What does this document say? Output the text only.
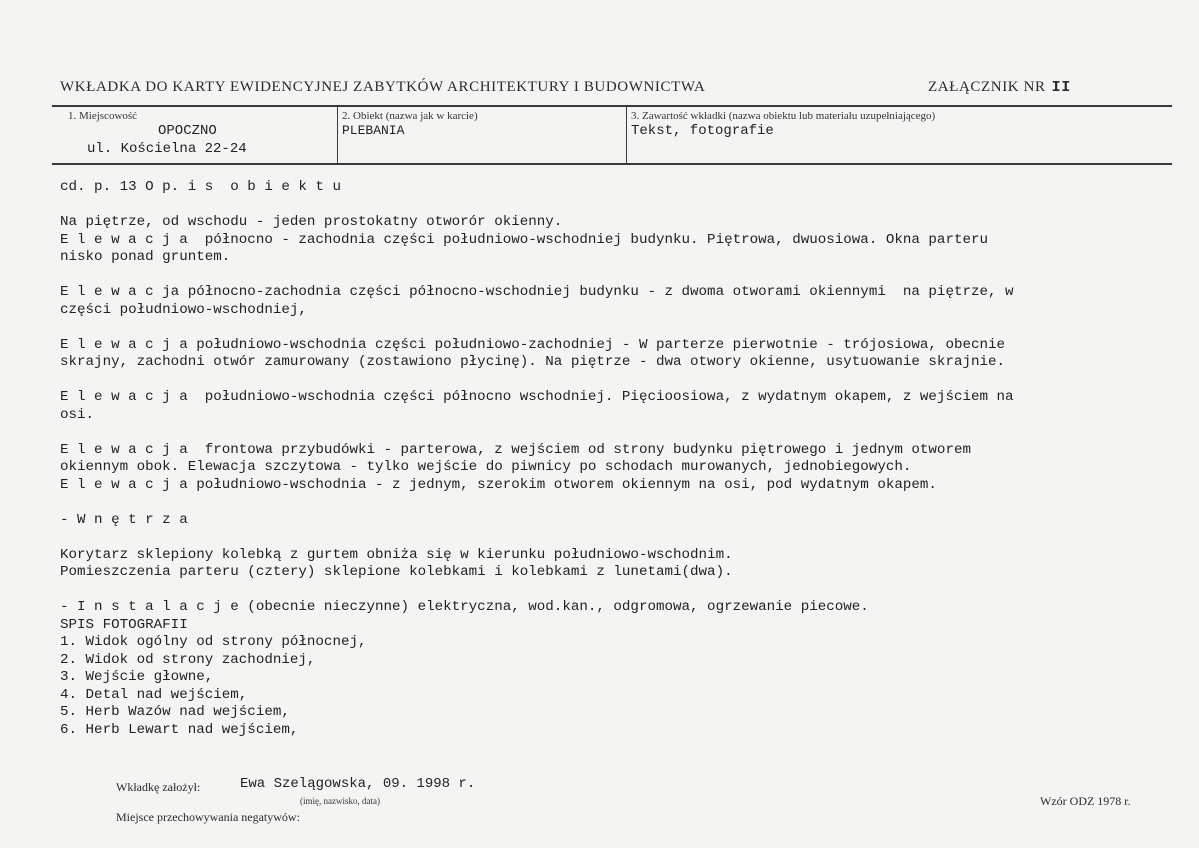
WKŁADKA DO KARTY EWIDENCYJNEJ ZABYTKÓW ARCHITEKTURY I BUDOWNICTWA	ZAŁĄCZNIK NR II
1. Miejscowość
OPOCZNO
ul. Kościelna 22-24
2. Obiekt (nazwa jak w karcie)
PLEBANIA
3. Zawartość wkładki (nazwa obiektu lub materiału uzupełniającego)
Tekst, fotografie
cd. p. 13 O p. i s  o b i e k t u
Na piętrze, od wschodu - jeden prostokatny otworór okienny.
E l e w a c j a  północno - zachodnia części południowo-wschodniej budynku. Piętrowa, dwuosiowa. Okna parteru
nisko ponad gruntem.
E l e w a c ja północno-zachodnia części północno-wschodniej budynku - z dwoma otworami okiennymi  na piętrze, w
części południowo-wschodniej,
E l e w a c j a południowo-wschodnia części południowo-zachodniej - W parterze pierwotnie - trójosiowa, obecnie
skrajny, zachodni otwór zamurowany (zostawiono płycinę). Na piętrze - dwa otwory okienne, usytuowanie skrajnie.
E l e w a c j a  południowo-wschodnia części północno wschodniej. Pięcioosiowa, z wydatnym okapem, z wejściem na
osi.
E l e w a c j a  frontowa przybudówki - parterowa, z wejściem od strony budynku piętrowego i jednym otworem
okiennym obok. Elewacja szczytowa - tylko wejście do piwnicy po schodach murowanych, jednobiegowych.
E l e w a c j a południowo-wschodnia - z jednym, szerokim otworem okiennym na osi, pod wydatnym okapem.
- W n ę t r z a
Korytarz sklepiony kolebką z gurtem obniża się w kierunku południowo-wschodnim.
Pomieszczenia parteru (cztery) sklepione kolebkami i kolebkami z lunetami(dwa).
- I n s t a l a c j e (obecnie nieczynne) elektryczna, wod.kan., odgromowa, ogrzewanie piecowe.
SPIS FOTOGRAFII
1. Widok ogólny od strony północnej,
2. Widok od strony zachodniej,
3. Wejście głowne,
4. Detal nad wejściem,
5. Herb Wazów nad wejściem,
6. Herb Lewart nad wejściem,
Wkładkę założył:	Ewa Szelągowska, 09. 1998 r.
(imię, nazwisko, data)
Miejsce przechowywania negatywów:
Wzór ODZ 1978 r.
